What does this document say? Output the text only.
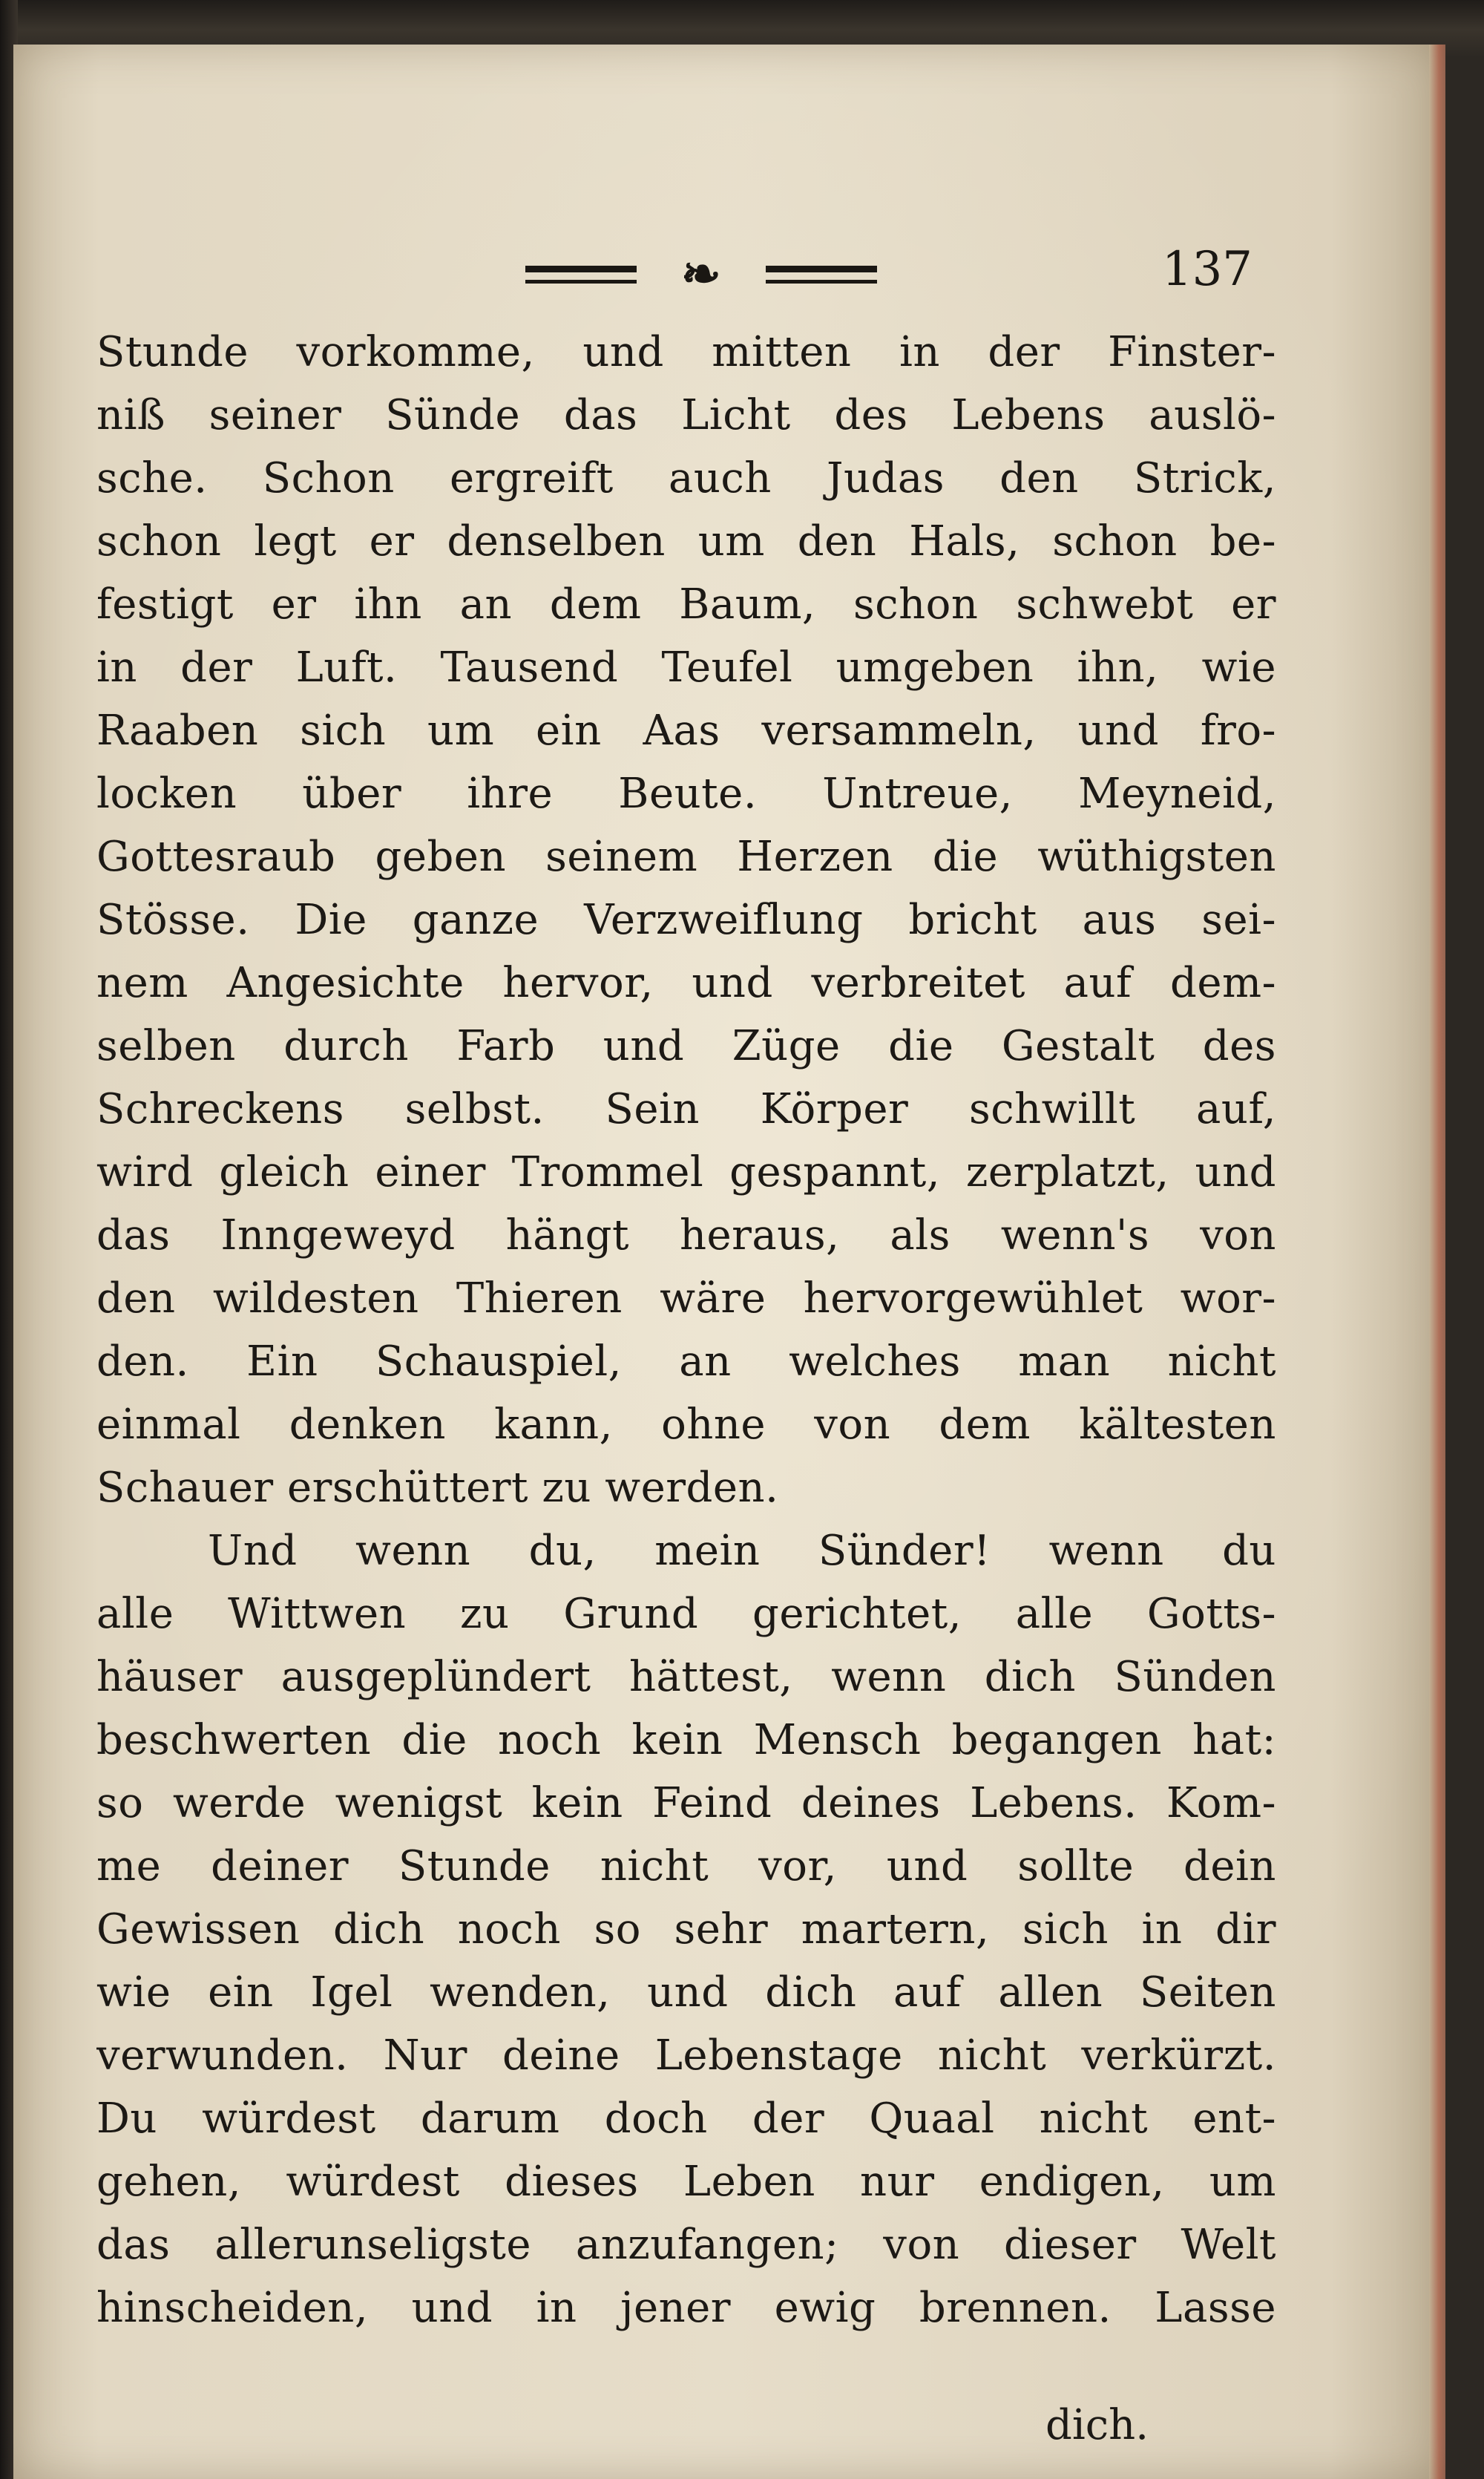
❧	137
Stunde vorkomme, und mitten in der Finster-
niß seiner Sünde das Licht des Lebens auslö-
sche. Schon ergreift auch Judas den Strick,
schon legt er denselben um den Hals, schon be-
festigt er ihn an dem Baum, schon schwebt er
in der Luft. Tausend Teufel umgeben ihn, wie
Raaben sich um ein Aas versammeln, und fro-
locken über ihre Beute. Untreue, Meyneid,
Gottesraub geben seinem Herzen die wüthigsten
Stösse. Die ganze Verzweiflung bricht aus sei-
nem Angesichte hervor, und verbreitet auf dem-
selben durch Farb und Züge die Gestalt des
Schreckens selbst. Sein Körper schwillt auf,
wird gleich einer Trommel gespannt, zerplatzt, und
das Inngeweyd hängt heraus, als wenn's von
den wildesten Thieren wäre hervorgewühlet wor-
den. Ein Schauspiel, an welches man nicht
einmal denken kann, ohne von dem kältesten
Schauer erschüttert zu werden.
Und wenn du, mein Sünder! wenn du
alle Wittwen zu Grund gerichtet, alle Gotts-
häuser ausgeplündert hättest, wenn dich Sünden
beschwerten die noch kein Mensch begangen hat:
so werde wenigst kein Feind deines Lebens. Kom-
me deiner Stunde nicht vor, und sollte dein
Gewissen dich noch so sehr martern, sich in dir
wie ein Igel wenden, und dich auf allen Seiten
verwunden. Nur deine Lebenstage nicht verkürzt.
Du würdest darum doch der Quaal nicht ent-
gehen, würdest dieses Leben nur endigen, um
das allerunseligste anzufangen; von dieser Welt
hinscheiden, und in jener ewig brennen. Lasse
dich.
